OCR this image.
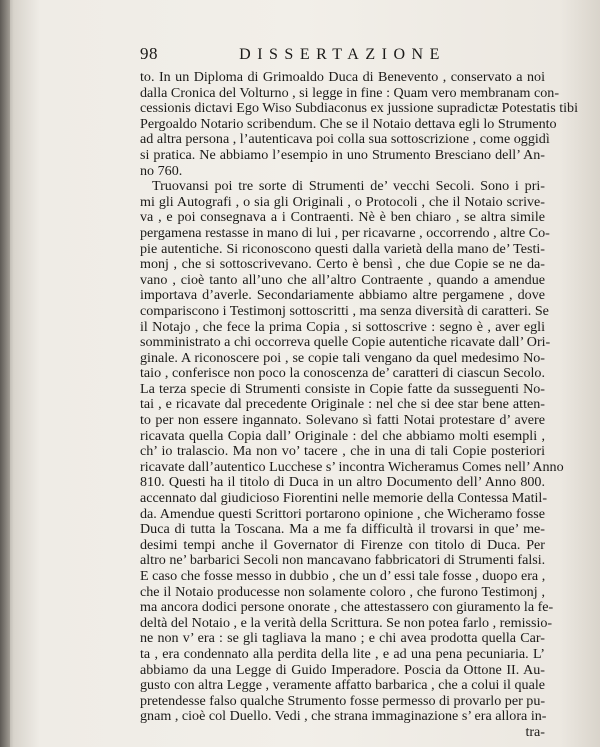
98	DISSERTAZIONE
to. In un Diploma di Grimoaldo Duca di Benevento , conservato a noi
dalla Cronica del Volturno , si legge in fine : Quam vero membranam con-
cessionis dictavi Ego Wiso Subdiaconus ex jussione supradictæ Potestatis tibi
Pergoaldo Notario scribendum. Che se il Notaio dettava egli lo Strumento
ad altra persona , l’autenticava poi colla sua sottoscrizione , come oggidì
si pratica. Ne abbiamo l’esempio in uno Strumento Bresciano dell’ An-
no 760.
Truovansi poi tre sorte di Strumenti de’ vecchi Secoli. Sono i pri-
mi gli Autografi , o sia gli Originali , o Protocoli , che il Notaio scrive-
va , e poi consegnava a i Contraenti. Nè è ben chiaro , se altra simile
pergamena restasse in mano di lui , per ricavarne , occorrendo , altre Co-
pie autentiche. Si riconoscono questi dalla varietà della mano de’ Testi-
monj , che si sottoscrivevano. Certo è bensì , che due Copie se ne da-
vano , cioè tanto all’uno che all’altro Contraente , quando a amendue
importava d’averle. Secondariamente abbiamo altre pergamene , dove
compariscono i Testimonj sottoscritti , ma senza diversità di caratteri. Se
il Notajo , che fece la prima Copia , si sottoscrive : segno è , aver egli
somministrato a chi occorreva quelle Copie autentiche ricavate dall’ Ori-
ginale. A riconoscere poi , se copie tali vengano da quel medesimo No-
taio , conferisce non poco la conoscenza de’ caratteri di ciascun Secolo.
La terza specie di Strumenti consiste in Copie fatte da susseguenti No-
tai , e ricavate dal precedente Originale : nel che si dee star bene atten-
to per non essere ingannato. Solevano sì fatti Notai protestare d’ avere
ricavata quella Copia dall’ Originale : del che abbiamo molti esempli ,
ch’ io tralascio. Ma non vo’ tacere , che in una di tali Copie posteriori
ricavate dall’autentico Lucchese s’ incontra Wicheramus Comes nell’ Anno
810. Questi ha il titolo di Duca in un altro Documento dell’ Anno 800.
accennato dal giudicioso Fiorentini nelle memorie della Contessa Matil-
da. Amendue questi Scrittori portarono opinione , che Wicheramo fosse
Duca di tutta la Toscana. Ma a me fa difficultà il trovarsi in que’ me-
desimi tempi anche il Governator di Firenze con titolo di Duca. Per
altro ne’ barbarici Secoli non mancavano fabbricatori di Strumenti falsi.
E caso che fosse messo in dubbio , che un d’ essi tale fosse , duopo era ,
che il Notaio producesse non solamente coloro , che furono Testimonj ,
ma ancora dodici persone onorate , che attestassero con giuramento la fe-
deltà del Notaio , e la verità della Scrittura. Se non potea farlo , remissio-
ne non v’ era : se gli tagliava la mano ; e chi avea prodotta quella Car-
ta , era condennato alla perdita della lite , e ad una pena pecuniaria. L’
abbiamo da una Legge di Guido Imperadore. Poscia da Ottone II. Au-
gusto con altra Legge , veramente affatto barbarica , che a colui il quale
pretendesse falso qualche Strumento fosse permesso di provarlo per pu-
gnam , cioè col Duello. Vedi , che strana immaginazione s’ era allora in-
tra-
